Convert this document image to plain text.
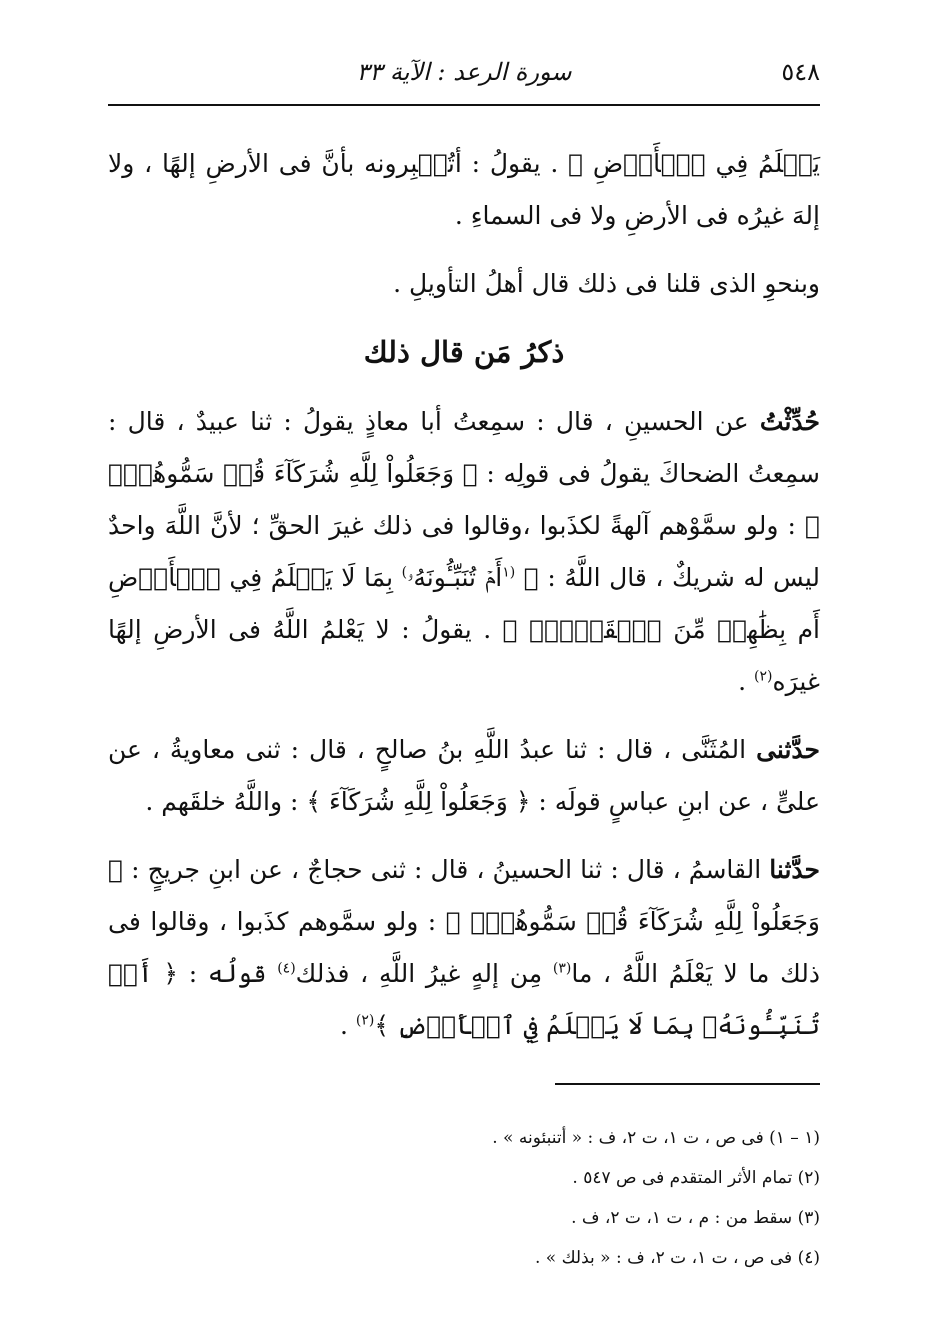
٥٤٨
سورة الرعد : الآية ٣٣

يَعۡلَمُ فِي ٱلۡأَرۡضِ ﴾ . يقولُ : أتُخۡبِرونه بأنَّ فى الأرضِ إلهًا ، ولا إلهَ غيرُه فى الأرضِ ولا فى السماءِ .

وبنحوِ الذى قلنا فى ذلك قال أهلُ التأويلِ .

ذكرُ مَن قال ذلك

حُدِّثْتُ عن الحسينِ ، قال : سمِعتُ أبا معاذٍ يقولُ : ثنا عبيدٌ ، قال : سمِعتُ الضحاكَ يقولُ فى قولِه : ﴿ وَجَعَلُواْ لِلَّهِ شُرَكَآءَ قُلۡ سَمُّوهُمۡۚ ﴾ : ولو سمَّوْهم آلهةً لكذَبوا ،وقالوا فى ذلك غيرَ الحقِّ ؛ لأنَّ اللَّهَ واحدٌ ليس له شريكٌ ، قال اللَّهُ : ﴿ $^{(١}$أَمۡ تُنَبِّـُٔونَهُۥ) بِمَا لَا يَعۡلَمُ فِي ٱلۡأَرۡضِ أَم بِظَٰهِرٖ مِّنَ ٱلۡقَوۡلِۗ ﴾ . يقولُ : لا يَعْلمُ اللَّهُ فى الأرضِ إلهًا غيرَه$^{(٢)}$ .

حدَّثنى المُثَنَّى ، قال : ثنا عبدُ اللَّهِ بنُ صالحٍ ، قال : ثنى معاويةُ ، عن علىٍّ ، عن ابنِ عباسٍ قولَه : ﴿ وَجَعَلُواْ لِلَّهِ شُرَكَآءَ ﴾ : واللَّهُ خلقَهم .

حدَّثنا القاسمُ ، قال : ثنا الحسينُ ، قال : ثنى حجاجٌ ، عن ابنِ جريجٍ : ﴿ وَجَعَلُواْ لِلَّهِ شُرَكَآءَ قُلۡ سَمُّوهُمۡۚ ﴾ : ولو سمَّوهم كذَبوا ، وقالوا فى ذلك ما لا يَعْلَمُ اللَّهُ ، ما$^{(٣)}$ مِن إلهٍ غيرُ اللَّهِ ، فذلك$^{(٤)}$ قولُه : ﴿ أَمۡ تُنَبِّـُٔونَهُۥ بِمَا لَا يَعۡلَمُ فِي ٱلۡأَرۡضِ ﴾$^{(٢)}$ .

(١ – ١) فى ص ، ت ١، ت ٢، ف : « أتنبئونه » .

(٢) تمام الأثر المتقدم فى ص ٥٤٧ .

(٣) سقط من : م ، ت ١، ت ٢، ف .

(٤) فى ص ، ت ١، ت ٢، ف : « بذلك » .
